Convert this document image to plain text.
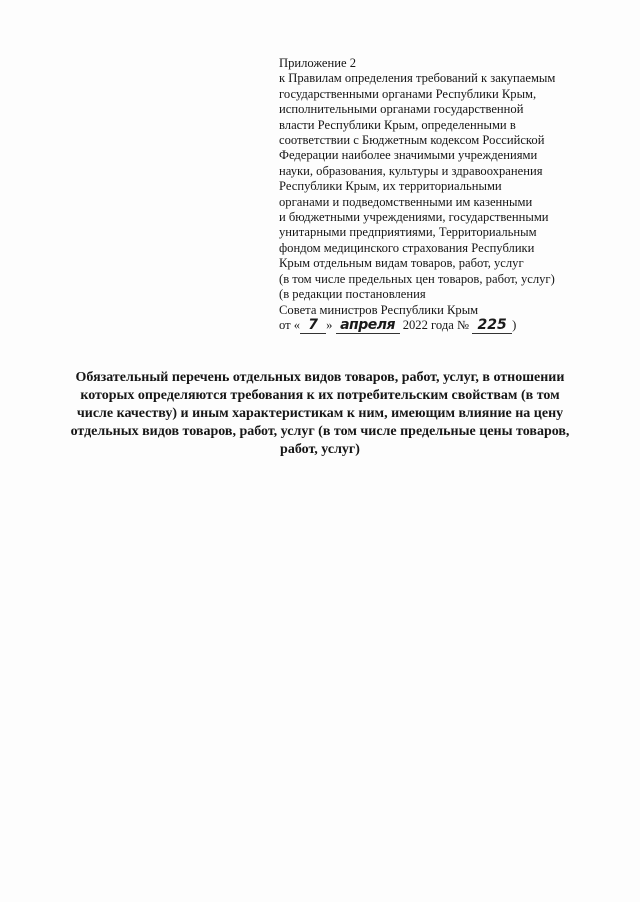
Приложение 2
к Правилам определения требований к закупаемым
государственными органами Республики Крым,
исполнительными органами государственной
власти Республики Крым, определенными в
соответствии с Бюджетным кодексом Российской
Федерации наиболее значимыми учреждениями
науки, образования, культуры и здравоохранения
Республики Крым, их территориальными
органами и подведомственными им казенными
и бюджетными учреждениями, государственными
унитарными предприятиями, Территориальным
фондом медицинского страхования Республики
Крым отдельным видам товаров, работ, услуг
(в том числе предельных цен товаров, работ, услуг)
(в редакции постановления
Совета министров Республики Крым
от « 7 » апреля 2022 года № 225 )
Обязательный перечень отдельных видов товаров, работ, услуг, в отношении
которых определяются требования к их потребительским свойствам (в том
числе качеству) и иным характеристикам к ним, имеющим влияние на цену
отдельных видов товаров, работ, услуг (в том числе предельные цены товаров,
работ, услуг)
